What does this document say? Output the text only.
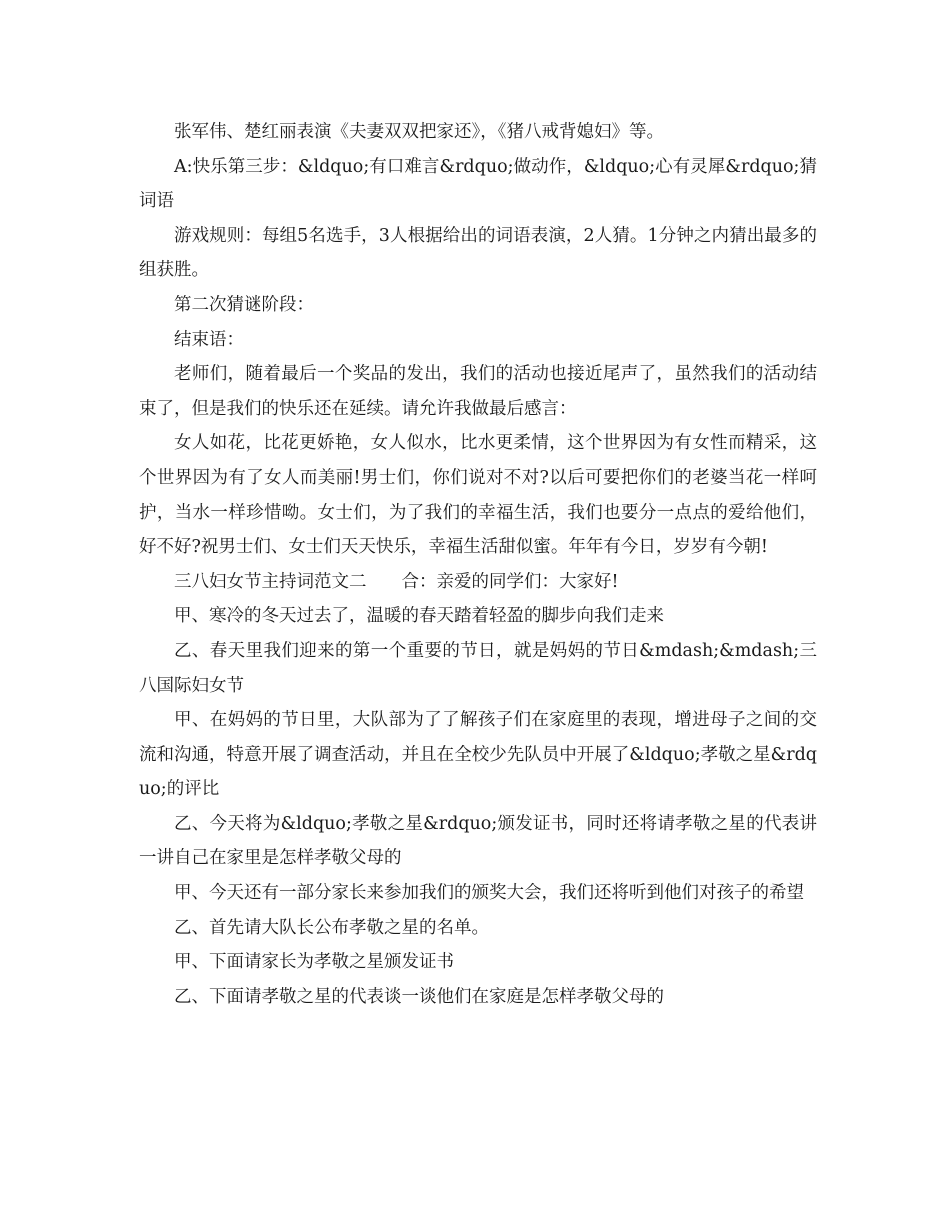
张军伟、楚红丽表演《夫妻双双把家还》，《猪八戒背媳妇》等。

A:快乐第三步：&ldquo;有口难言&rdquo;做动作，&ldquo;心有灵犀&rdquo;猜词语

游戏规则：每组5名选手，3人根据给出的词语表演，2人猜。1分钟之内猜出最多的组获胜。

第二次猜谜阶段：

结束语：

老师们，随着最后一个奖品的发出，我们的活动也接近尾声了，虽然我们的活动结束了，但是我们的快乐还在延续。请允许我做最后感言：

女人如花，比花更娇艳，女人似水，比水更柔情，这个世界因为有女性而精采，这个世界因为有了女人而美丽!男士们，你们说对不对?以后可要把你们的老婆当花一样呵护，当水一样珍惜呦。女士们，为了我们的幸福生活，我们也要分一点点的爱给他们，好不好?祝男士们、女士们天天快乐，幸福生活甜似蜜。年年有今日，岁岁有今朝!

三八妇女节主持词范文二　　合：亲爱的同学们：大家好!

甲、寒冷的冬天过去了，温暖的春天踏着轻盈的脚步向我们走来

乙、春天里我们迎来的第一个重要的节日，就是妈妈的节日&mdash;&mdash;三八国际妇女节

甲、在妈妈的节日里，大队部为了了解孩子们在家庭里的表现，增进母子之间的交流和沟通，特意开展了调查活动，并且在全校少先队员中开展了&ldquo;孝敬之星&rdquo;的评比

乙、今天将为&ldquo;孝敬之星&rdquo;颁发证书，同时还将请孝敬之星的代表讲一讲自己在家里是怎样孝敬父母的

甲、今天还有一部分家长来参加我们的颁奖大会，我们还将听到他们对孩子的希望

乙、首先请大队长公布孝敬之星的名单。

甲、下面请家长为孝敬之星颁发证书

乙、下面请孝敬之星的代表谈一谈他们在家庭是怎样孝敬父母的
